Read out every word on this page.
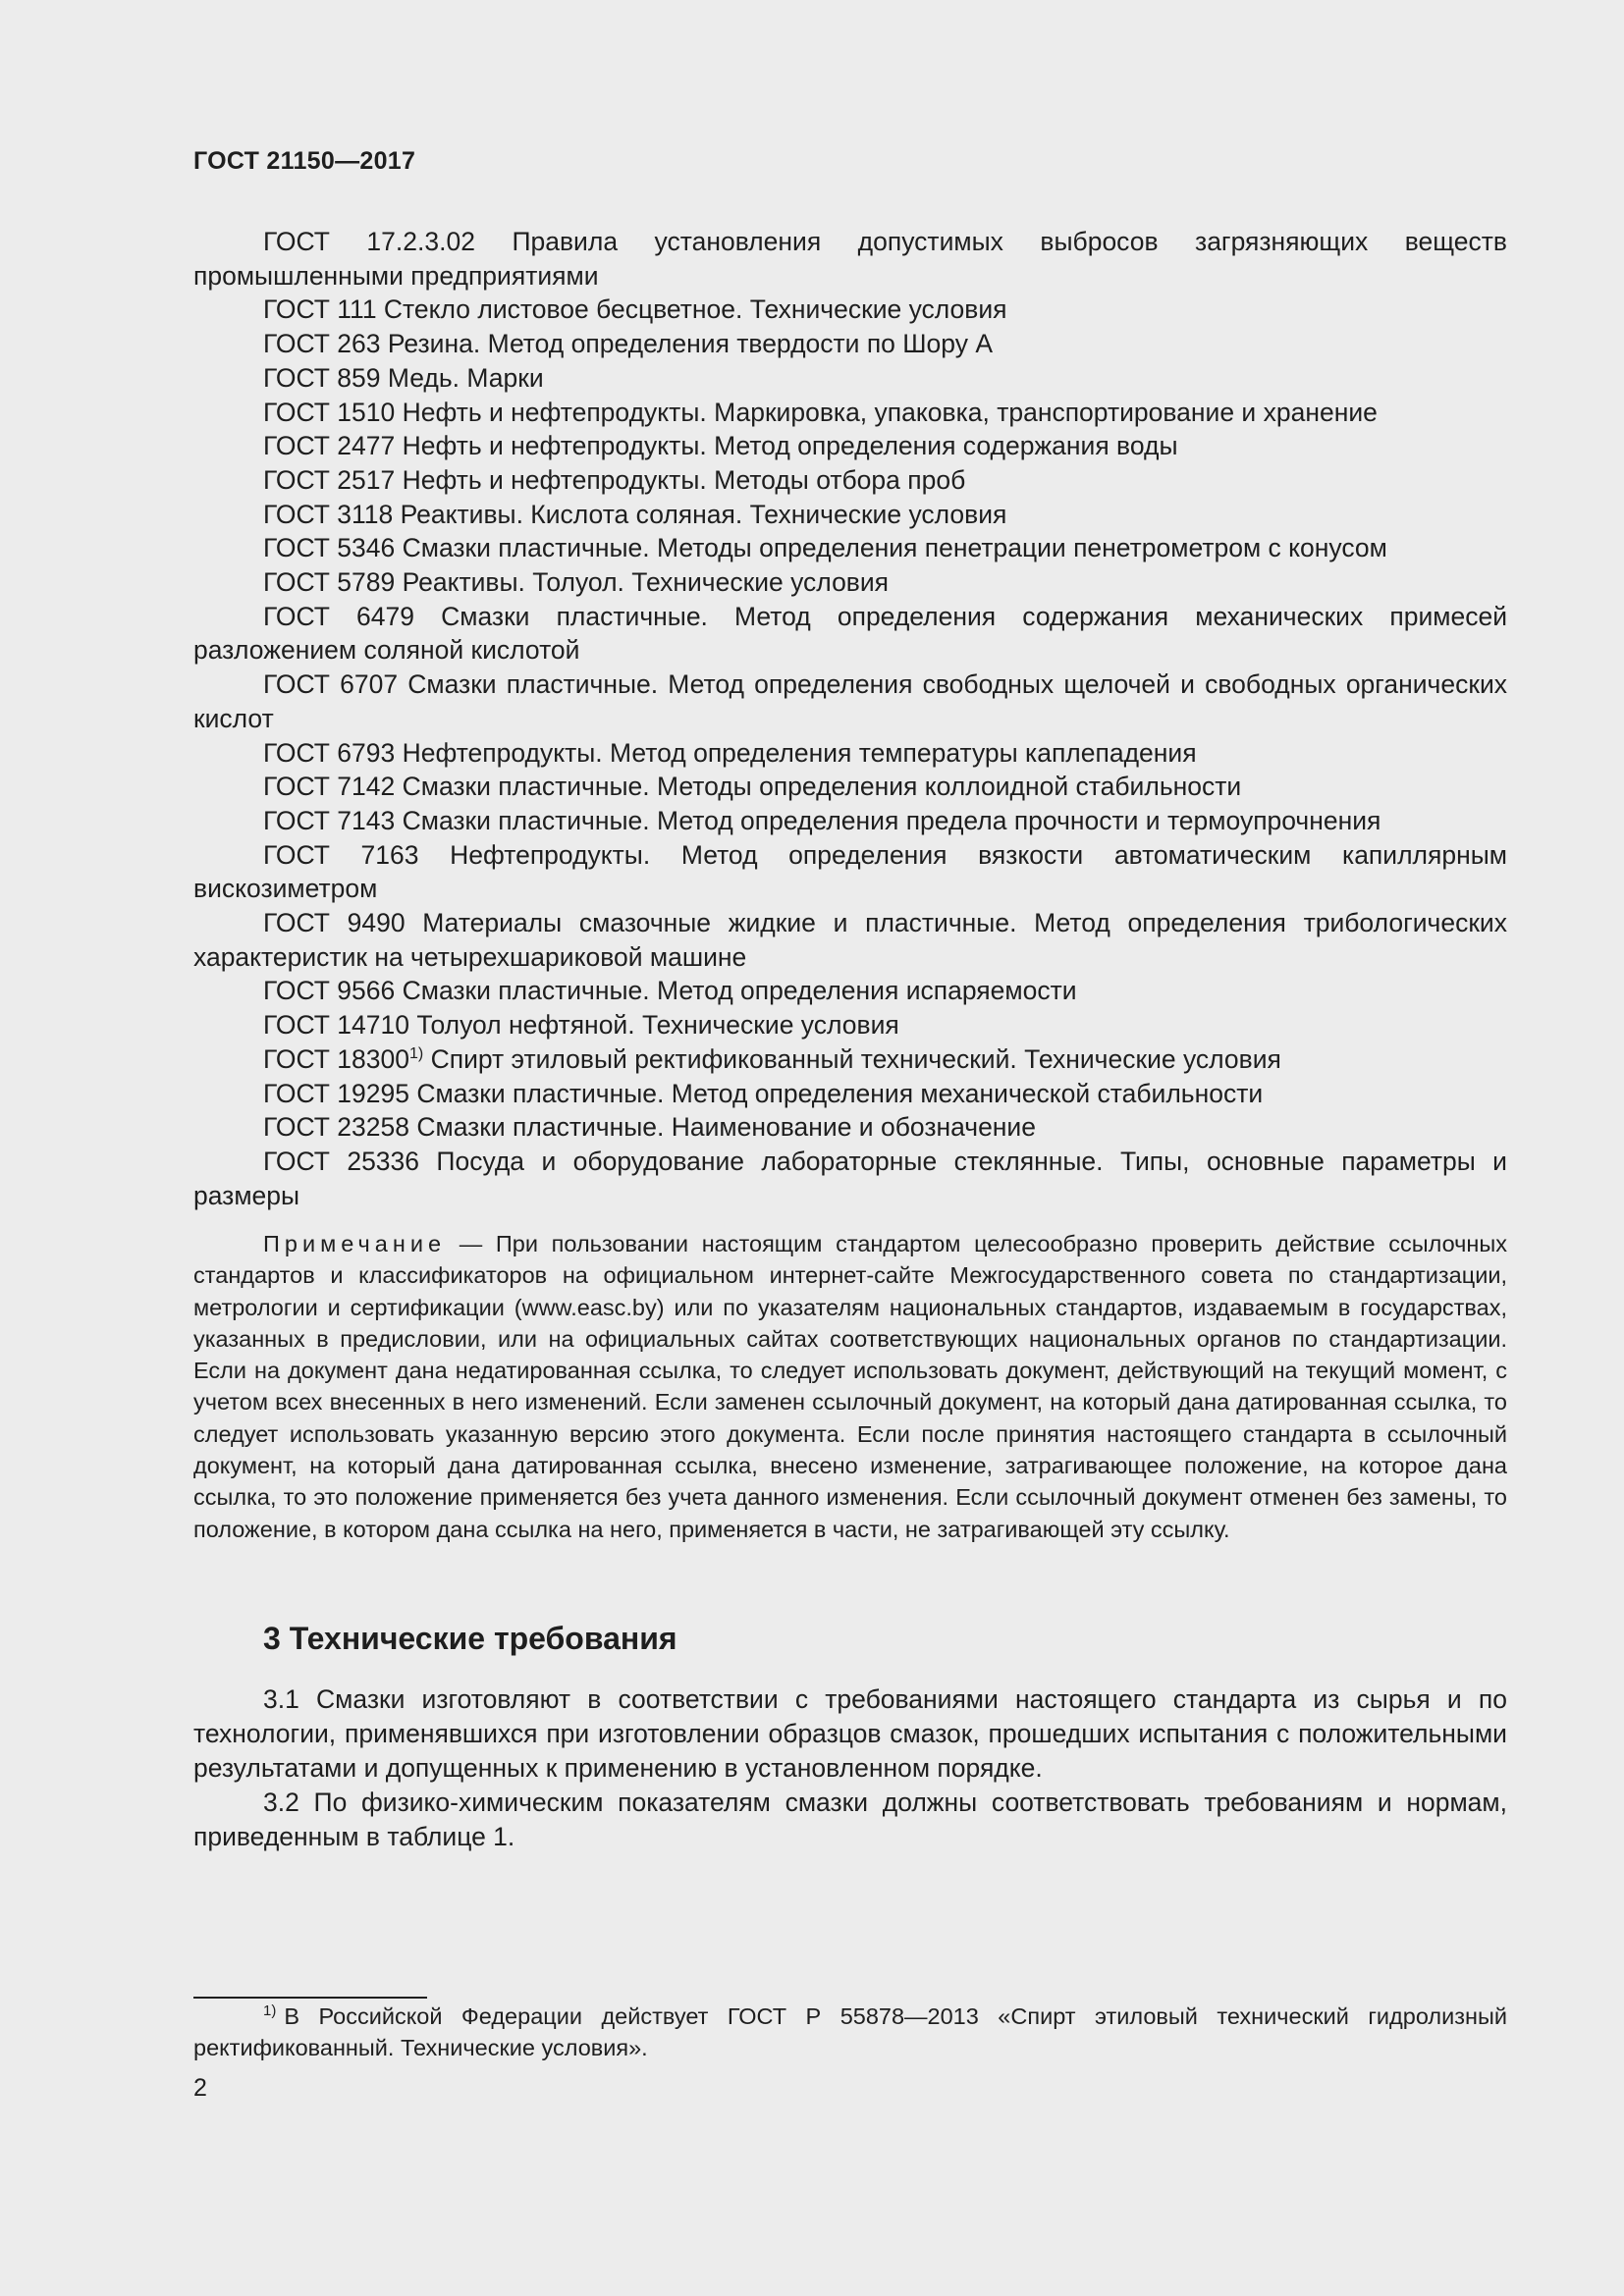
ГОСТ 21150—2017

ГОСТ 17.2.3.02 Правила установления допустимых выбросов загрязняющих веществ промышленными предприятиями

ГОСТ 111 Стекло листовое бесцветное. Технические условия

ГОСТ 263 Резина. Метод определения твердости по Шору А

ГОСТ 859 Медь. Марки

ГОСТ 1510 Нефть и нефтепродукты. Маркировка, упаковка, транспортирование и хранение

ГОСТ 2477 Нефть и нефтепродукты. Метод определения содержания воды

ГОСТ 2517 Нефть и нефтепродукты. Методы отбора проб

ГОСТ 3118 Реактивы. Кислота соляная. Технические условия

ГОСТ 5346 Смазки пластичные. Методы определения пенетрации пенетрометром с конусом

ГОСТ 5789 Реактивы. Толуол. Технические условия

ГОСТ 6479 Смазки пластичные. Метод определения содержания механических примесей разложением соляной кислотой

ГОСТ 6707 Смазки пластичные. Метод определения свободных щелочей и свободных органических кислот

ГОСТ 6793 Нефтепродукты. Метод определения температуры каплепадения

ГОСТ 7142 Смазки пластичные. Методы определения коллоидной стабильности

ГОСТ 7143 Смазки пластичные. Метод определения предела прочности и термоупрочнения

ГОСТ 7163 Нефтепродукты. Метод определения вязкости автоматическим капиллярным вискозиметром

ГОСТ 9490 Материалы смазочные жидкие и пластичные. Метод определения трибологических характеристик на четырехшариковой машине

ГОСТ 9566 Смазки пластичные. Метод определения испаряемости

ГОСТ 14710 Толуол нефтяной. Технические условия

ГОСТ 18300$^{1)}$ Спирт этиловый ректификованный технический. Технические условия

ГОСТ 19295 Смазки пластичные. Метод определения механической стабильности

ГОСТ 23258 Смазки пластичные. Наименование и обозначение

ГОСТ 25336 Посуда и оборудование лабораторные стеклянные. Типы, основные параметры и размеры

Примечание — При пользовании настоящим стандартом целесообразно проверить действие ссылочных стандартов и классификаторов на официальном интернет-сайте Межгосударственного совета по стандартизации, метрологии и сертификации (www.easc.by) или по указателям национальных стандартов, издаваемым в государствах, указанных в предисловии, или на официальных сайтах соответствующих национальных органов по стандартизации. Если на документ дана недатированная ссылка, то следует использовать документ, действующий на текущий момент, с учетом всех внесенных в него изменений. Если заменен ссылочный документ, на который дана датированная ссылка, то следует использовать указанную версию этого документа. Если после принятия настоящего стандарта в ссылочный документ, на который дана датированная ссылка, внесено изменение, затрагивающее положение, на которое дана ссылка, то это положение применяется без учета данного изменения. Если ссылочный документ отменен без замены, то положение, в котором дана ссылка на него, применяется в части, не затрагивающей эту ссылку.

3 Технические требования

3.1 Смазки изготовляют в соответствии с требованиями настоящего стандарта из сырья и по технологии, применявшихся при изготовлении образцов смазок, прошедших испытания с положительными результатами и допущенных к применению в установленном порядке.

3.2 По физико-химическим показателям смазки должны соответствовать требованиям и нормам, приведенным в таблице 1.

$^{1)}$ В Российской Федерации действует ГОСТ Р 55878—2013 «Спирт этиловый технический гидролизный ректификованный. Технические условия».

2
